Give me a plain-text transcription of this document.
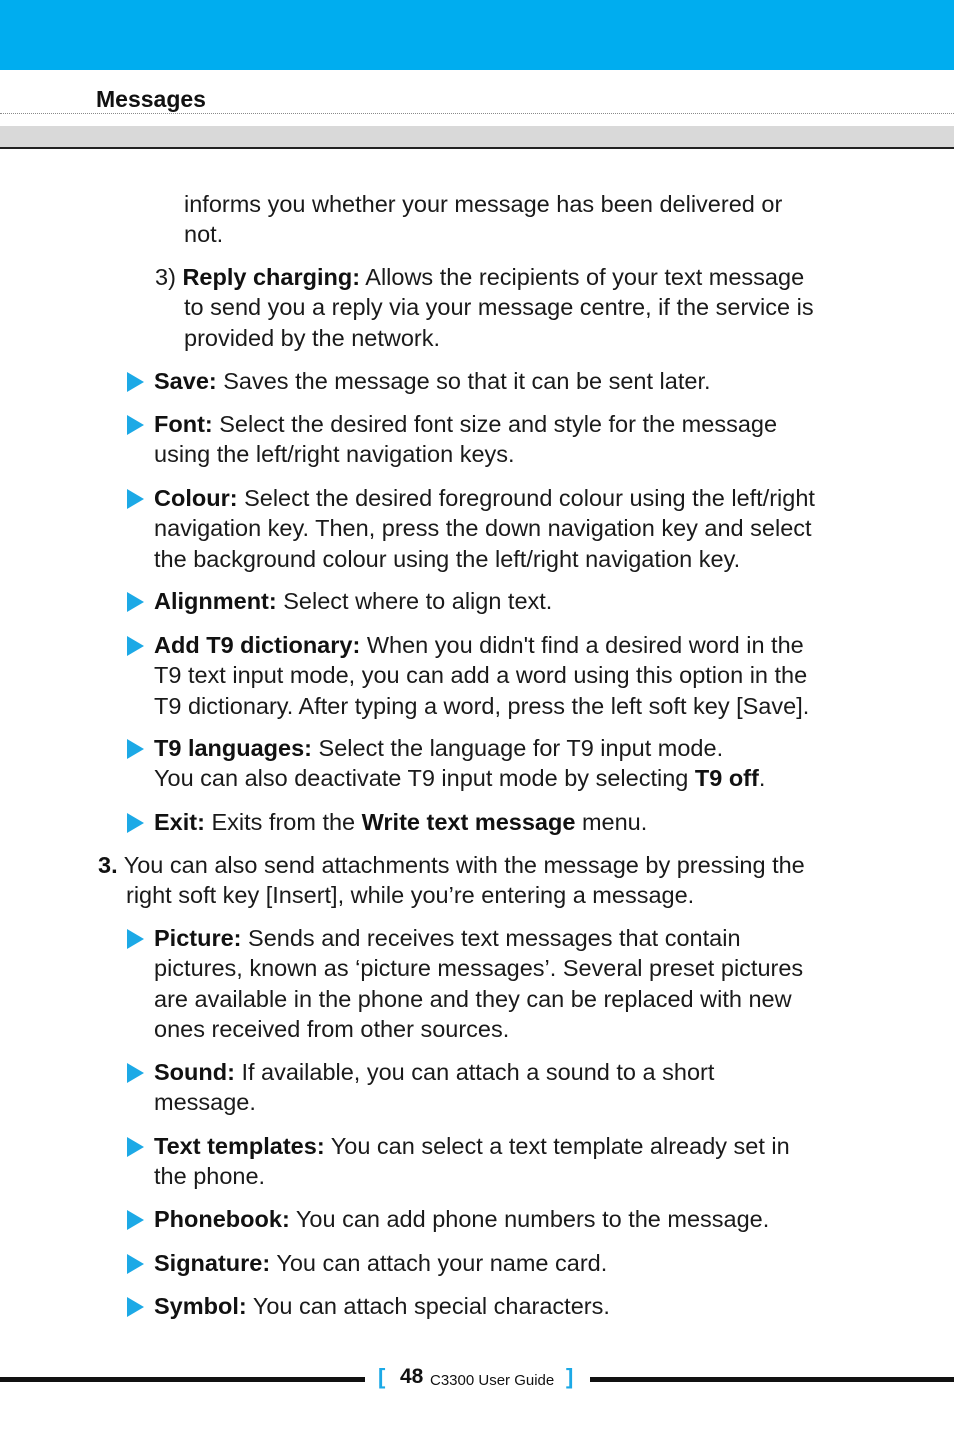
Messages
informs you whether your message has been delivered or
not.
3) Reply charging: Allows the recipients of your text message
to send you a reply via your message centre, if the service is
provided by the network.
Save: Saves the message so that it can be sent later.
Font: Select the desired font size and style for the message
using the left/right navigation keys.
Colour: Select the desired foreground colour using the left/right
navigation key. Then, press the down navigation key and select
the background colour using the left/right navigation key.
Alignment: Select where to align text.
Add T9 dictionary: When you didn't find a desired word in the
T9 text input mode, you can add a word using this option in the
T9 dictionary. After typing a word, press the left soft key [Save].
T9 languages: Select the language for T9 input mode.
You can also deactivate T9 input mode by selecting T9 off.
Exit: Exits from the Write text message menu.
3. You can also send attachments with the message by pressing the
right soft key [Insert], while you’re entering a message.
Picture: Sends and receives text messages that contain
pictures, known as ‘picture messages’. Several preset pictures
are available in the phone and they can be replaced with new
ones received from other sources.
Sound: If available, you can attach a sound to a short
message.
Text templates: You can select a text template already set in
the phone.
Phonebook: You can add phone numbers to the message.
Signature: You can attach your name card.
Symbol: You can attach special characters.
[ 48 C3300 User Guide ]
